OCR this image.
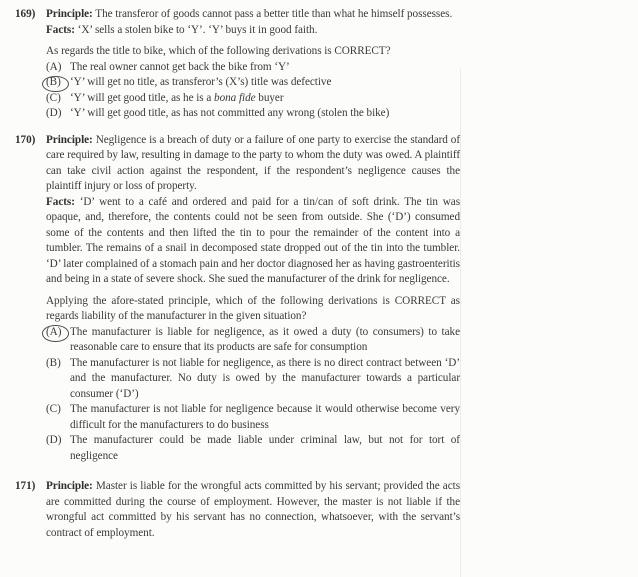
169) Principle: The transferor of goods cannot pass a better title than what he himself possesses.

Facts: ‘X’ sells a stolen bike to ‘Y’. ‘Y’ buys it in good faith.

As regards the title to bike, which of the following derivations is CORRECT?

(A) The real owner cannot get back the bike from ‘Y’
(B) ‘Y’ will get no title, as transferor’s (X’s) title was defective
(C) ‘Y’ will get good title, as he is a bona fide buyer
(D) ‘Y’ will get good title, as has not committed any wrong (stolen the bike)
170) Principle: Negligence is a breach of duty or a failure of one party to exercise the standard of care required by law, resulting in damage to the party to whom the duty was owed. A plaintiff can take civil action against the respondent, if the respondent’s negligence causes the plaintiff injury or loss of property.

Facts: ‘D’ went to a café and ordered and paid for a tin/can of soft drink. The tin was opaque, and, therefore, the contents could not be seen from outside. She (‘D’) consumed some of the contents and then lifted the tin to pour the remainder of the content into a tumbler. The remains of a snail in decomposed state dropped out of the tin into the tumbler. ‘D’ later complained of a stomach pain and her doctor diagnosed her as having gastroenteritis and being in a state of severe shock. She sued the manufacturer of the drink for negligence.

Applying the afore-stated principle, which of the following derivations is CORRECT as regards liability of the manufacturer in the given situation?

(A) The manufacturer is liable for negligence, as it owed a duty (to consumers) to take reasonable care to ensure that its products are safe for consumption
(B) The manufacturer is not liable for negligence, as there is no direct contract between ‘D’ and the manufacturer. No duty is owed by the manufacturer towards a particular consumer (‘D’)
(C) The manufacturer is not liable for negligence because it would otherwise become very difficult for the manufacturers to do business
(D) The manufacturer could be made liable under criminal law, but not for tort of negligence
171) Principle: Master is liable for the wrongful acts committed by his servant; provided the acts are committed during the course of employment. However, the master is not liable if the wrongful act committed by his servant has no connection, whatsoever, with the servant’s contract of employment.
